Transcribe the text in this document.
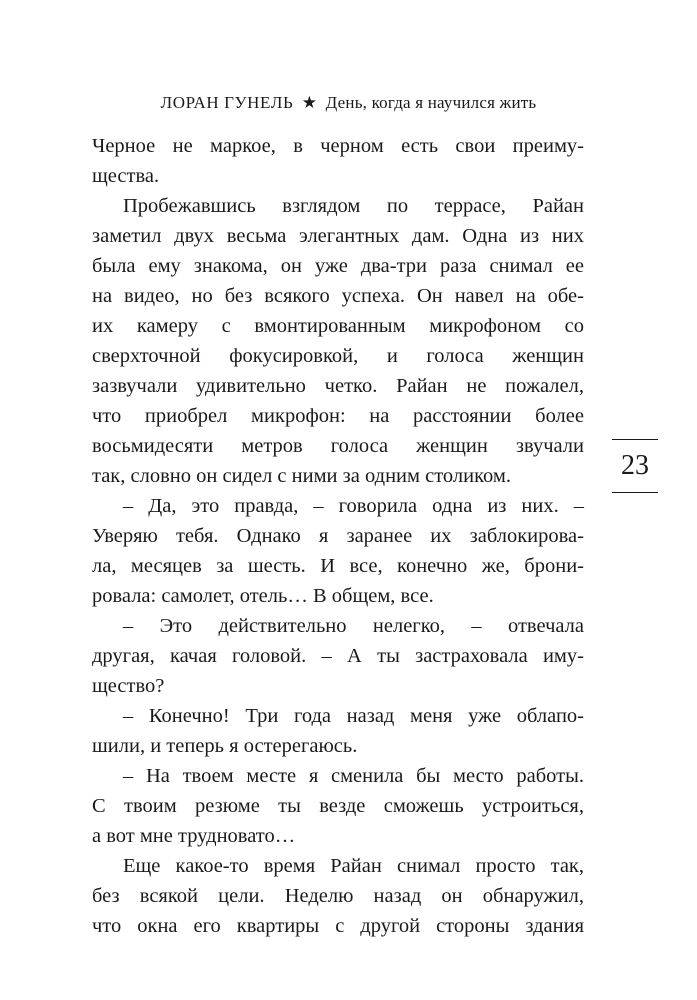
ЛОРАН ГУНЕЛЬ ★ День, когда я научился жить
Черное не маркое, в черном есть свои преиму-
щества.
Пробежавшись взглядом по террасе, Райан
заметил двух весьма элегантных дам. Одна из них
была ему знакома, он уже два-три раза снимал ее
на видео, но без всякого успеха. Он навел на обе-
их камеру с вмонтированным микрофоном со
сверхточной фокусировкой, и голоса женщин
зазвучали удивительно четко. Райан не пожалел,
что приобрел микрофон: на расстоянии более
восьмидесяти метров голоса женщин звучали
так, словно он сидел с ними за одним столиком.
– Да, это правда, – говорила одна из них. –
Уверяю тебя. Однако я заранее их заблокирова-
ла, месяцев за шесть. И все, конечно же, брони-
ровала: самолет, отель… В общем, все.
– Это действительно нелегко, – отвечала
другая, качая головой. – А ты застраховала иму-
щество?
– Конечно! Три года назад меня уже облапо-
шили, и теперь я остерегаюсь.
– На твоем месте я сменила бы место работы.
С твоим резюме ты везде сможешь устроиться,
а вот мне трудновато…
Еще какое-то время Райан снимал просто так,
без всякой цели. Неделю назад он обнаружил,
что окна его квартиры с другой стороны здания
23
